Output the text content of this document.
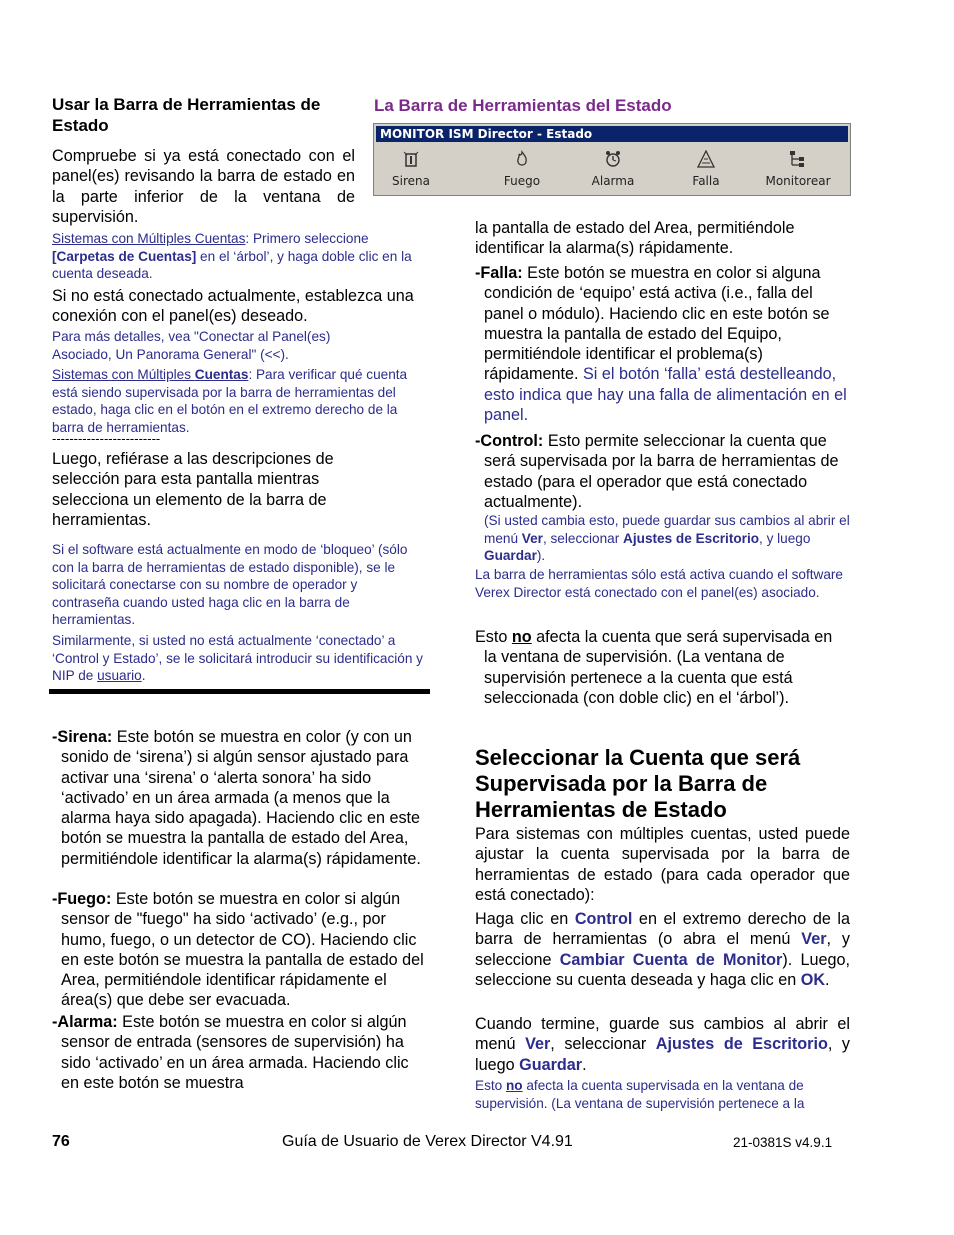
Usar la Barra de Herramientas de Estado

Compruebe si ya está conectado con el panel(es) revisando la barra de estado en la parte inferior de la ventana de supervisión.

Sistemas con Múltiples Cuentas: Primero seleccione [Carpetas de Cuentas] en el ‘árbol’, y haga doble clic en la cuenta deseada.

Si no está conectado actualmente, establezca una conexión con el panel(es) deseado.

Para más detalles, vea "Conectar al Panel(es) Asociado, Un Panorama General" (<<).

Sistemas con Múltiples Cuentas: Para verificar qué cuenta está siendo supervisada por la barra de herramientas del estado, haga clic en el botón en el extremo derecho de la barra de herramientas.

-------------------------

Luego, refiérase a las descripciones de selección para esta pantalla mientras selecciona un elemento de la barra de herramientas.

Si el software está actualmente en modo de ‘bloqueo’ (sólo con la barra de herramientas de estado disponible), se le solicitará conectarse con su nombre de operador y contraseña cuando usted haga clic en la barra de herramientas.

Similarmente, si usted no está actualmente ‘conectado’ a ‘Control y Estado’, se le solicitará introducir su identificación y NIP de usuario.

-Sirena: Este botón se muestra en color (y con un sonido de ‘sirena’) si algún sensor ajustado para activar una ‘sirena’ o ‘alerta sonora’ ha sido ‘activado’ en un área armada (a menos que la alarma haya sido apagada). Haciendo clic en este botón se muestra la pantalla de estado del Area, permitiéndole identificar la alarma(s) rápidamente.

-Fuego: Este botón se muestra en color si algún sensor de "fuego" ha sido ‘activado’ (e.g., por humo, fuego, o un detector de CO). Haciendo clic en este botón se muestra la pantalla de estado del Area, permitiéndole identificar rápidamente el área(s) que debe ser evacuada.

-Alarma: Este botón se muestra en color si algún sensor de entrada (sensores de supervisión) ha sido ‘activado’ en un área armada. Haciendo clic en este botón se muestra

La Barra de Herramientas del Estado
MONITOR ISM Director - Estado
Sirena	Fuego	Alarma	Falla	Monitorear

la pantalla de estado del Area, permitiéndole identificar la alarma(s) rápidamente.

-Falla: Este botón se muestra en color si alguna condición de ‘equipo’ está activa (i.e., falla del panel o módulo). Haciendo clic en este botón se muestra la pantalla de estado del Equipo, permitiéndole identificar el problema(s) rápidamente. Si el botón ‘falla’ está destelleando, esto indica que hay una falla de alimentación en el panel.

-Control: Esto permite seleccionar la cuenta que será supervisada por la barra de herramientas de estado (para el operador que está conectado actualmente).

(Si usted cambia esto, puede guardar sus cambios al abrir el menú Ver, seleccionar Ajustes de Escritorio, y luego Guardar).

La barra de herramientas sólo está activa cuando el software Verex Director está conectado con el panel(es) asociado.

Esto no afecta la cuenta que será supervisada en la ventana de supervisión. (La ventana de supervisión pertenece a la cuenta que está seleccionada (con doble clic) en el ‘árbol’).

Seleccionar la Cuenta que será Supervisada por la Barra de Herramientas de Estado

Para sistemas con múltiples cuentas, usted puede ajustar la cuenta supervisada por la barra de herramientas de estado (para cada operador que está conectado):

Haga clic en Control en el extremo derecho de la barra de herramientas (o abra el menú Ver, y seleccione Cambiar Cuenta de Monitor). Luego, seleccione su cuenta deseada y haga clic en OK.

Cuando termine, guarde sus cambios al abrir el menú Ver, seleccionar Ajustes de Escritorio, y luego Guardar.

Esto no afecta la cuenta supervisada en la ventana de supervisión. (La ventana de supervisión pertenece a la

76	Guía de Usuario de Verex Director V4.91	21-0381S v4.9.1
